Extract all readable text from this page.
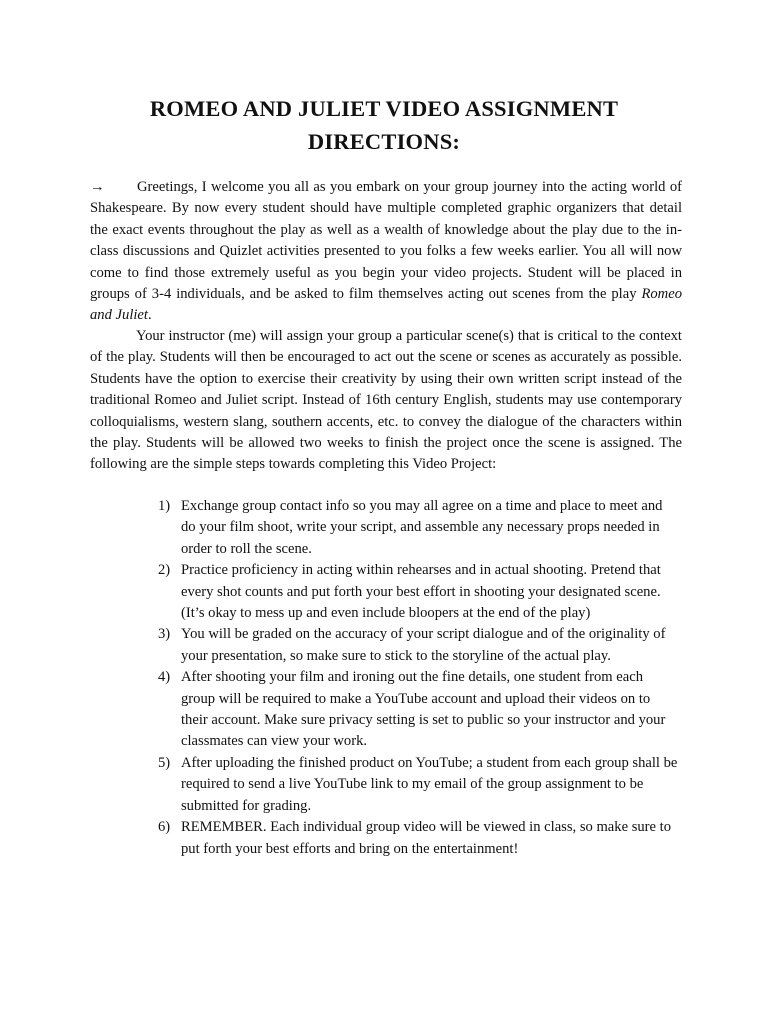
ROMEO AND JULIET VIDEO ASSIGNMENT
DIRECTIONS:
→ Greetings, I welcome you all as you embark on your group journey into the acting world of Shakespeare. By now every student should have multiple completed graphic organizers that detail the exact events throughout the play as well as a wealth of knowledge about the play due to the in-class discussions and Quizlet activities presented to you folks a few weeks earlier. You all will now come to find those extremely useful as you begin your video projects. Student will be placed in groups of 3-4 individuals, and be asked to film themselves acting out scenes from the play Romeo and Juliet.
Your instructor (me) will assign your group a particular scene(s) that is critical to the context of the play. Students will then be encouraged to act out the scene or scenes as accurately as possible. Students have the option to exercise their creativity by using their own written script instead of the traditional Romeo and Juliet script. Instead of 16th century English, students may use contemporary colloquialisms, western slang, southern accents, etc. to convey the dialogue of the characters within the play. Students will be allowed two weeks to finish the project once the scene is assigned. The following are the simple steps towards completing this Video Project:
1) Exchange group contact info so you may all agree on a time and place to meet and do your film shoot, write your script, and assemble any necessary props needed in order to roll the scene.
2) Practice proficiency in acting within rehearses and in actual shooting. Pretend that every shot counts and put forth your best effort in shooting your designated scene. (It’s okay to mess up and even include bloopers at the end of the play)
3) You will be graded on the accuracy of your script dialogue and of the originality of your presentation, so make sure to stick to the storyline of the actual play.
4) After shooting your film and ironing out the fine details, one student from each group will be required to make a YouTube account and upload their videos on to their account. Make sure privacy setting is set to public so your instructor and your classmates can view your work.
5) After uploading the finished product on YouTube; a student from each group shall be required to send a live YouTube link to my email of the group assignment to be submitted for grading.
6) REMEMBER. Each individual group video will be viewed in class, so make sure to put forth your best efforts and bring on the entertainment!
